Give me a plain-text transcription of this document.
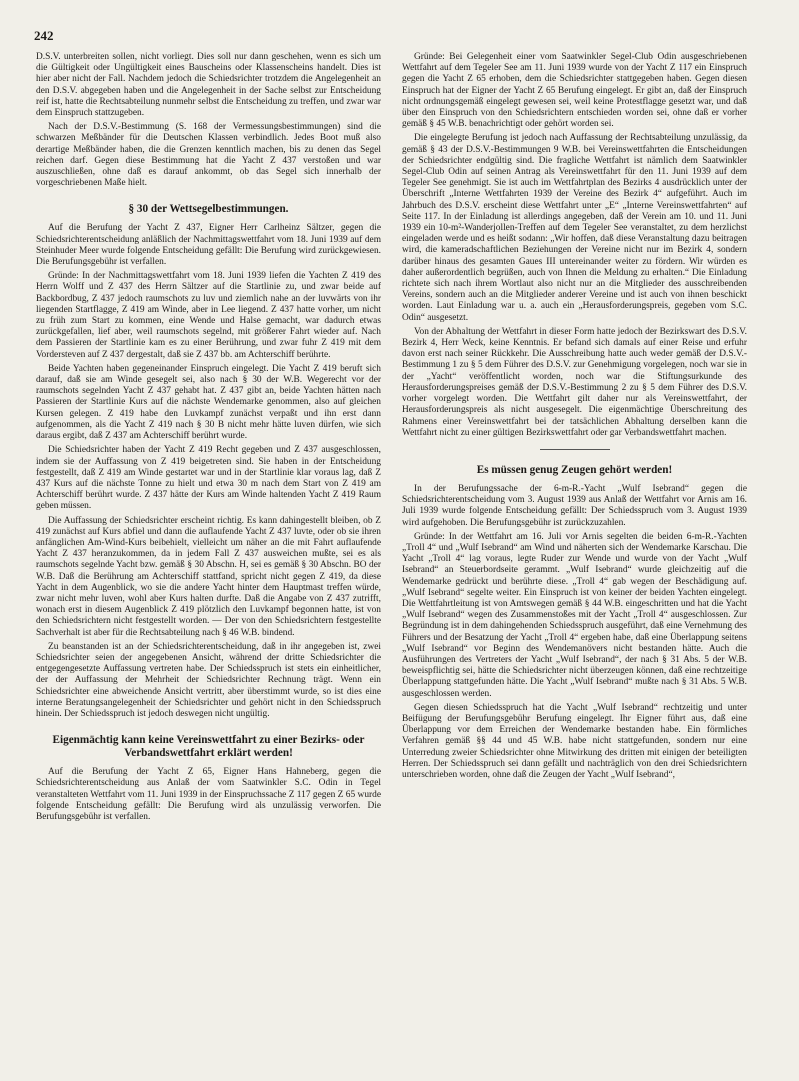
242

D.S.V. unterbreiten sollen, nicht vorliegt. Dies soll nur dann geschehen, wenn es sich um die Gültigkeit oder Ungültigkeit eines Bauscheins oder Klassenscheins handelt. Dies ist hier aber nicht der Fall. Nachdem jedoch die Schiedsrichter trotzdem die Angelegenheit an den D.S.V. abgegeben haben und die Angelegenheit in der Sache selbst zur Entscheidung reif ist, hatte die Rechtsabteilung nunmehr selbst die Entscheidung zu treffen, und zwar war dem Einspruch stattzugeben.

Nach der D.S.V.-Bestimmung (S. 168 der Vermessungsbestimmungen) sind die schwarzen Meßbänder für die Deutschen Klassen verbindlich. Jedes Boot muß also derartige Meßbänder haben, die die Grenzen kenntlich machen, bis zu denen das Segel reichen darf. Gegen diese Bestimmung hat die Yacht Z 437 verstoßen und war auszuschließen, ohne daß es darauf ankommt, ob das Segel sich innerhalb der vorgeschriebenen Maße hielt.

§ 30 der Wettsegelbestimmungen.

Auf die Berufung der Yacht Z 437, Eigner Herr Carlheinz Sältzer, gegen die Schiedsrichterentscheidung anläßlich der Nachmittagswettfahrt vom 18. Juni 1939 auf dem Steinhuder Meer wurde folgende Entscheidung gefällt: Die Berufung wird zurückgewiesen. Die Berufungsgebühr ist verfallen.

Gründe: In der Nachmittagswettfahrt vom 18. Juni 1939 liefen die Yachten Z 419 des Herrn Wolff und Z 437 des Herrn Sältzer auf die Startlinie zu, und zwar beide auf Backbordbug, Z 437 jedoch raumschots zu luv und ziemlich nahe an der luvwärts von ihr liegenden Startflagge, Z 419 am Winde, aber in Lee liegend. Z 437 hatte vorher, um nicht zu früh zum Start zu kommen, eine Wende und Halse gemacht, war dadurch etwas zurückgefallen, lief aber, weil raumschots segelnd, mit größerer Fahrt wieder auf. Nach dem Passieren der Startlinie kam es zu einer Berührung, und zwar fuhr Z 419 mit dem Vordersteven auf Z 437 dergestalt, daß sie Z 437 bb. am Achterschiff berührte.

Beide Yachten haben gegeneinander Einspruch eingelegt. Die Yacht Z 419 beruft sich darauf, daß sie am Winde gesegelt sei, also nach § 30 der W.B. Wegerecht vor der raumschots segelnden Yacht Z 437 gehabt hat. Z 437 gibt an, beide Yachten hätten nach Passieren der Startlinie Kurs auf die nächste Wendemarke genommen, also auf gleichen Kursen gelegen. Z 419 habe den Luvkampf zunächst verpaßt und ihn erst dann aufgenommen, als die Yacht Z 419 nach § 30 B nicht mehr hätte luven dürfen, wie sich daraus ergibt, daß Z 437 am Achterschiff berührt wurde.

Die Schiedsrichter haben der Yacht Z 419 Recht gegeben und Z 437 ausgeschlossen, indem sie der Auffassung von Z 419 beigetreten sind. Sie haben in der Entscheidung festgestellt, daß Z 419 am Winde gestartet war und in der Startlinie klar voraus lag, daß Z 437 Kurs auf die nächste Tonne zu hielt und etwa 30 m nach dem Start von Z 419 am Achterschiff berührt wurde. Z 437 hätte der Kurs am Winde haltenden Yacht Z 419 Raum geben müssen.

Die Auffassung der Schiedsrichter erscheint richtig. Es kann dahingestellt bleiben, ob Z 419 zunächst auf Kurs abfiel und dann die auflaufende Yacht Z 437 luvte, oder ob sie ihren anfänglichen Am-Wind-Kurs beibehielt, vielleicht um näher an die mit Fahrt auflaufende Yacht Z 437 heranzukommen, da in jedem Fall Z 437 ausweichen mußte, sei es als raumschots segelnde Yacht bzw. gemäß § 30 Abschn. H, sei es gemäß § 30 Abschn. BO der W.B. Daß die Berührung am Achterschiff stattfand, spricht nicht gegen Z 419, da diese Yacht in dem Augenblick, wo sie die andere Yacht hinter dem Hauptmast treffen würde, zwar nicht mehr luven, wohl aber Kurs halten durfte. Daß die Angabe von Z 437 zutrifft, wonach erst in diesem Augenblick Z 419 plötzlich den Luvkampf begonnen hatte, ist von den Schiedsrichtern nicht festgestellt worden. — Der von den Schiedsrichtern festgestellte Sachverhalt ist aber für die Rechtsabteilung nach § 46 W.B. bindend.

Zu beanstanden ist an der Schiedsrichterentscheidung, daß in ihr angegeben ist, zwei Schiedsrichter seien der angegebenen Ansicht, während der dritte Schiedsrichter die entgegengesetzte Auffassung vertreten habe. Der Schiedsspruch ist stets ein einheitlicher, der der Auffassung der Mehrheit der Schiedsrichter Rechnung trägt. Wenn ein Schiedsrichter eine abweichende Ansicht vertritt, aber überstimmt wurde, so ist dies eine interne Beratungsangelegenheit der Schiedsrichter und gehört nicht in den Schiedsspruch hinein. Der Schiedsspruch ist jedoch deswegen nicht ungültig.

Eigenmächtig kann keine Vereinswettfahrt zu einer Bezirks- oder Verbandswettfahrt erklärt werden!

Auf die Berufung der Yacht Z 65, Eigner Hans Hahneberg, gegen die Schiedsrichterentscheidung aus Anlaß der vom Saatwinkler S.C. Odin in Tegel veranstalteten Wettfahrt vom 11. Juni 1939 in der Einspruchssache Z 117 gegen Z 65 wurde folgende Entscheidung gefällt: Die Berufung wird als unzulässig verworfen. Die Berufungsgebühr ist verfallen.

Gründe: Bei Gelegenheit einer vom Saatwinkler Segel-Club Odin ausgeschriebenen Wettfahrt auf dem Tegeler See am 11. Juni 1939 wurde von der Yacht Z 117 ein Einspruch gegen die Yacht Z 65 erhoben, dem die Schiedsrichter stattgegeben haben. Gegen diesen Einspruch hat der Eigner der Yacht Z 65 Berufung eingelegt. Er gibt an, daß der Einspruch nicht ordnungsgemäß eingelegt gewesen sei, weil keine Protestflagge gesetzt war, und daß über den Einspruch von den Schiedsrichtern entschieden worden sei, ohne daß er vorher gemäß § 45 W.B. benachrichtigt oder gehört worden sei.

Die eingelegte Berufung ist jedoch nach Auffassung der Rechtsabteilung unzulässig, da gemäß § 43 der D.S.V.-Bestimmungen 9 W.B. bei Vereinswettfahrten die Entscheidungen der Schiedsrichter endgültig sind. Die fragliche Wettfahrt ist nämlich dem Saatwinkler Segel-Club Odin auf seinen Antrag als Vereinswettfahrt für den 11. Juni 1939 auf dem Tegeler See genehmigt. Sie ist auch im Wettfahrtplan des Bezirks 4 ausdrücklich unter der Überschrift „Interne Wettfahrten 1939 der Vereine des Bezirk 4“ aufgeführt. Auch im Jahrbuch des D.S.V. erscheint diese Wettfahrt unter „E“ „Interne Vereinswettfahrten“ auf Seite 117. In der Einladung ist allerdings angegeben, daß der Verein am 10. und 11. Juni 1939 ein 10-m²-Wanderjollen-Treffen auf dem Tegeler See veranstaltet, zu dem herzlichst eingeladen werde und es heißt sodann: „Wir hoffen, daß diese Veranstaltung dazu beitragen wird, die kameradschaftlichen Beziehungen der Vereine nicht nur im Bezirk 4, sondern darüber hinaus des gesamten Gaues III untereinander weiter zu fördern. Wir würden es daher außerordentlich begrüßen, auch von Ihnen die Meldung zu erhalten.“ Die Einladung richtete sich nach ihrem Wortlaut also nicht nur an die Mitglieder des ausschreibenden Vereins, sondern auch an die Mitglieder anderer Vereine und ist auch von ihnen beschickt worden. Laut Einladung war u. a. auch ein „Herausforderungspreis, gegeben vom S.C. Odin“ ausgesetzt.

Von der Abhaltung der Wettfahrt in dieser Form hatte jedoch der Bezirkswart des D.S.V. Bezirk 4, Herr Weck, keine Kenntnis. Er befand sich damals auf einer Reise und erfuhr davon erst nach seiner Rückkehr. Die Ausschreibung hatte auch weder gemäß der D.S.V.-Bestimmung 1 zu § 5 dem Führer des D.S.V. zur Genehmigung vorgelegen, noch war sie in der „Yacht“ veröffentlicht worden, noch war die Stiftungsurkunde des Herausforderungspreises gemäß der D.S.V.-Bestimmung 2 zu § 5 dem Führer des D.S.V. vorher vorgelegt worden. Die Wettfahrt gilt daher nur als Vereinswettfahrt, der Herausforderungspreis als nicht ausgesegelt. Die eigenmächtige Überschreitung des Rahmens einer Vereinswettfahrt bei der tatsächlichen Abhaltung derselben kann die Wettfahrt nicht zu einer gültigen Bezirkswettfahrt oder gar Verbandswettfahrt machen.

Es müssen genug Zeugen gehört werden!

In der Berufungssache der 6-m-R.-Yacht „Wulf Isebrand“ gegen die Schiedsrichterentscheidung vom 3. August 1939 aus Anlaß der Wettfahrt vor Arnis am 16. Juli 1939 wurde folgende Entscheidung gefällt: Der Schiedsspruch vom 3. August 1939 wird aufgehoben. Die Berufungsgebühr ist zurückzuzahlen.

Gründe: In der Wettfahrt am 16. Juli vor Arnis segelten die beiden 6-m-R.-Yachten „Troll 4“ und „Wulf Isebrand“ am Wind und näherten sich der Wendemarke Karschau. Die Yacht „Troll 4“ lag voraus, legte Ruder zur Wende und wurde von der Yacht „Wulf Isebrand“ an Steuerbordseite gerammt. „Wulf Isebrand“ wurde gleichzeitig auf die Wendemarke gedrückt und berührte diese. „Troll 4“ gab wegen der Beschädigung auf. „Wulf Isebrand“ segelte weiter. Ein Einspruch ist von keiner der beiden Yachten eingelegt. Die Wettfahrtleitung ist von Amtswegen gemäß § 44 W.B. eingeschritten und hat die Yacht „Wulf Isebrand“ wegen des Zusammenstoßes mit der Yacht „Troll 4“ ausgeschlossen. Zur Begründung ist in dem dahingehenden Schiedsspruch ausgeführt, daß eine Vernehmung des Führers und der Besatzung der Yacht „Troll 4“ ergeben habe, daß eine Überlappung seitens „Wulf Isebrand“ vor Beginn des Wendemanövers nicht bestanden hätte. Auch die Ausführungen des Vertreters der Yacht „Wulf Isebrand“, der nach § 31 Abs. 5 der W.B. beweispflichtig sei, hätte die Schiedsrichter nicht überzeugen können, daß eine rechtzeitige Überlappung stattgefunden hätte. Die Yacht „Wulf Isebrand“ mußte nach § 31 Abs. 5 W.B. ausgeschlossen werden.

Gegen diesen Schiedsspruch hat die Yacht „Wulf Isebrand“ rechtzeitig und unter Beifügung der Berufungsgebühr Berufung eingelegt. Ihr Eigner führt aus, daß eine Überlappung vor dem Erreichen der Wendemarke bestanden habe. Ein förmliches Verfahren gemäß §§ 44 und 45 W.B. habe nicht stattgefunden, sondern nur eine Unterredung zweier Schiedsrichter ohne Mitwirkung des dritten mit einigen der beteiligten Herren. Der Schiedsspruch sei dann gefällt und nachträglich von den drei Schiedsrichtern unterschrieben worden, ohne daß die Zeugen der Yacht „Wulf Isebrand“,
